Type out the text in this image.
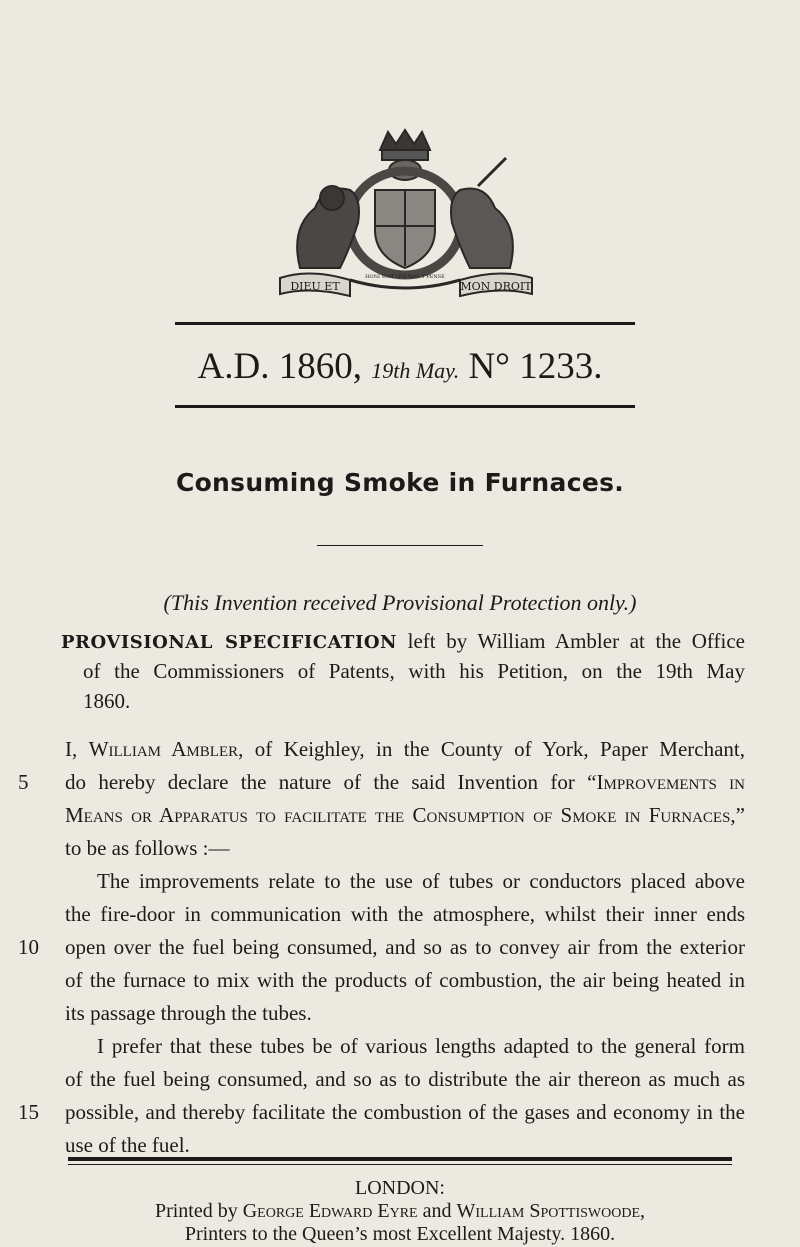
DIEU ET	MON DROIT
HONI SOIT QUI MAL Y PENSE
A.D. 1860, 19th May. N° 1233.
Consuming Smoke in Furnaces.
(This Invention received Provisional Protection only.)
PROVISIONAL SPECIFICATION left by William Ambler at the Office
of the Commissioners of Patents, with his Petition, on the 19th May
1860.
I, William Ambler, of Keighley, in the County of York, Paper Merchant,
5	do hereby declare the nature of the said Invention for “Improvements in
Means or Apparatus to facilitate the Consumption of Smoke in Furnaces,”
to be as follows :—
The improvements relate to the use of tubes or conductors placed above
the fire-door in communication with the atmosphere, whilst their inner ends
10	open over the fuel being consumed, and so as to convey air from the exterior
of the furnace to mix with the products of combustion, the air being heated in
its passage through the tubes.
I prefer that these tubes be of various lengths adapted to the general form
of the fuel being consumed, and so as to distribute the air thereon as much as
15	possible, and thereby facilitate the combustion of the gases and economy in the
use of the fuel.
LONDON:
Printed by George Edward Eyre and William Spottiswoode,
Printers to the Queen’s most Excellent Majesty. 1860.
